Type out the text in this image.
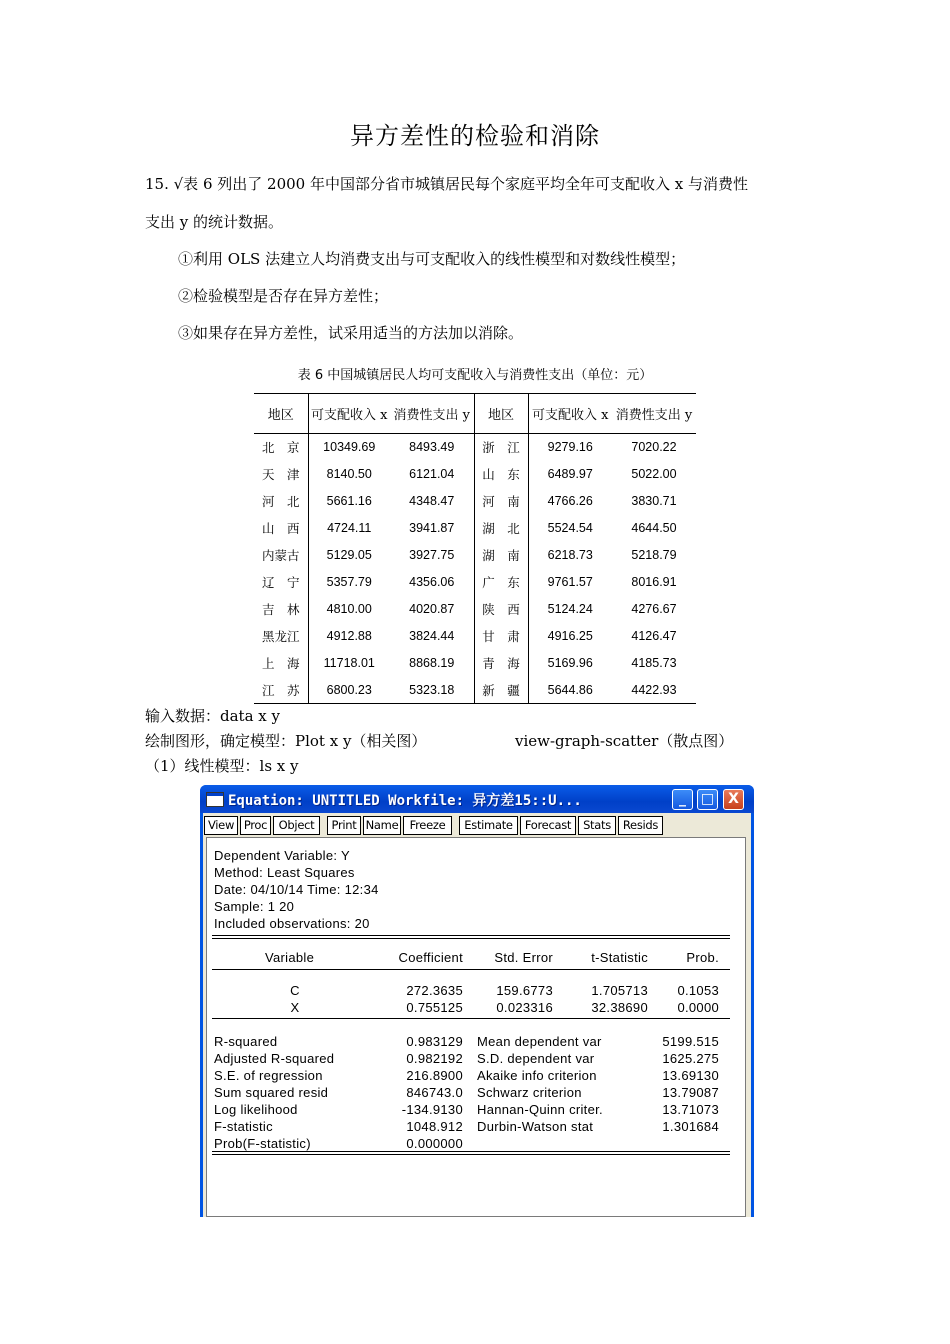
异方差性的检验和消除
15. √表 6 列出了 2000 年中国部分省市城镇居民每个家庭平均全年可支配收入 x 与消费性
支出 y 的统计数据。
①利用 OLS 法建立人均消费支出与可支配收入的线性模型和对数线性模型；
②检验模型是否存在异方差性；
③如果存在异方差性，试采用适当的方法加以消除。
表 6 中国城镇居民人均可支配收入与消费性支出（单位：元）
地区	可支配收入 x	消费性支出 y	地区	可支配收入 x	消费性支出 y
北　京	10349.69	8493.49	浙　江	9279.16	7020.22
天　津	8140.50	6121.04	山　东	6489.97	5022.00
河　北	5661.16	4348.47	河　南	4766.26	3830.71
山　西	4724.11	3941.87	湖　北	5524.54	4644.50
内蒙古	5129.05	3927.75	湖　南	6218.73	5218.79
辽　宁	5357.79	4356.06	广　东	9761.57	8016.91
吉　林	4810.00	4020.87	陕　西	5124.24	4276.67
黑龙江	4912.88	3824.44	甘　肃	4916.25	4126.47
上　海	11718.01	8868.19	青　海	5169.96	4185.73
江　苏	6800.23	5323.18	新　疆	5644.86	4422.93
输入数据：data x y
绘制图形，确定模型：Plot x y（相关图）	view-graph-scatter（散点图）
（1）线性模型：ls x y
Equation: UNTITLED Workfile: 异方差15::U...	_	□ X
View Proc Object	Print Name Freeze	Estimate	Forecast	Stats	Resids
Dependent Variable: Y
Method: Least Squares
Date: 04/10/14 Time: 12:34
Sample: 1 20
Included observations: 20
Variable	Coefficient	Std. Error	t-Statistic	Prob.
C	272.3635	159.6773	1.705713	0.1053
X	0.755125	0.023316	32.38690	0.0000
R-squared	0.983129 Mean dependent var	5199.515
Adjusted R-squared	0.982192 S.D. dependent var	1625.275
S.E. of regression	216.8900 Akaike info criterion	13.69130
Sum squared resid	846743.0 Schwarz criterion	13.79087
Log likelihood	-134.9130 Hannan-Quinn criter.	13.71073
F-statistic	1048.912 Durbin-Watson stat	1.301684
Prob(F-statistic)	0.000000
